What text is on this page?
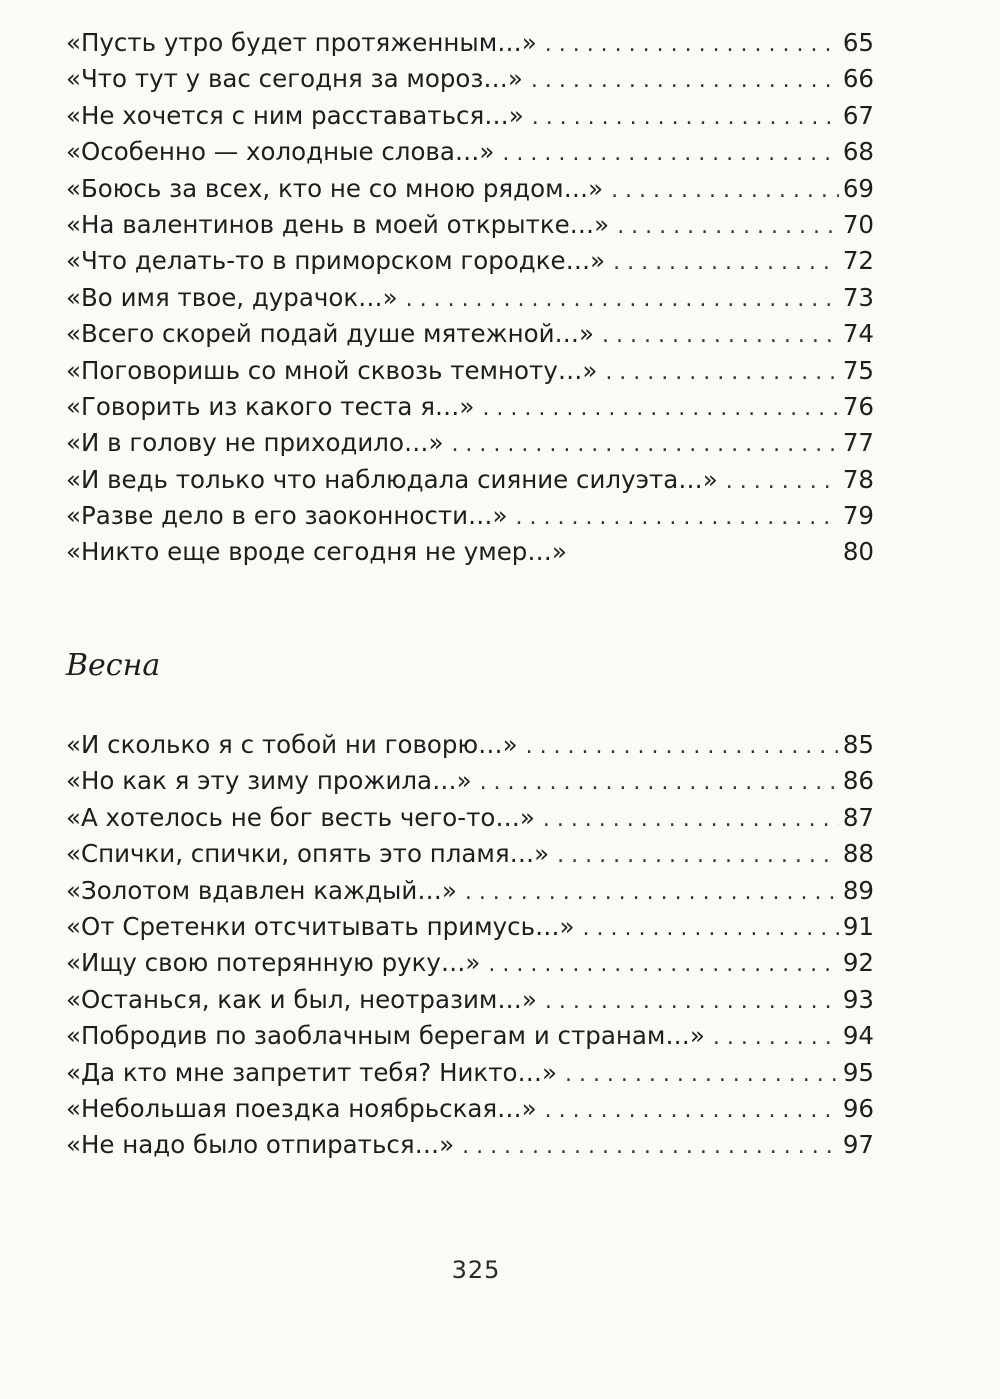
«Пусть утро будет протяженным…» . . .	65
«Что тут у вас сегодня за мороз…» . . .	66
«Не хочется с ним расставаться…» . . .	67
«Особенно — холодные слова…» . . .	68
«Боюсь за всех, кто не со мною рядом…» . . .	69
«На валентинов день в моей открытке…» . . .	70
«Что делать-то в приморском городке…» . . .	72
«Во имя твое, дурачок…» . . .	73
«Всего скорей подай душе мятежной…» . . .	74
«Поговоришь со мной сквозь темноту…» . . .	75
«Говорить из какого теста я…» . . .	76
«И в голову не приходило…» . . .	77
«И ведь только что наблюдала сияние силуэта…» . . .	78
«Разве дело в его заоконности…» . . .	79
«Никто еще вроде сегодня не умер…»	80
Весна
«И сколько я с тобой ни говорю…» . . .	85
«Но как я эту зиму прожила…» . . .	86
«А хотелось не бог весть чего-то…» . . .	87
«Спички, спички, опять это пламя…» . . .	88
«Золотом вдавлен каждый…» . . .	89
«От Сретенки отсчитывать примусь…» . . .	91
«Ищу свою потерянную руку…» . . .	92
«Останься, как и был, неотразим…» . . .	93
«Побродив по заоблачным берегам и странам…» . . .	94
«Да кто мне запретит тебя? Никто…» . . .	95
«Небольшая поездка ноябрьская…» . . .	96
«Не надо было отпираться…» . . .	97
325
